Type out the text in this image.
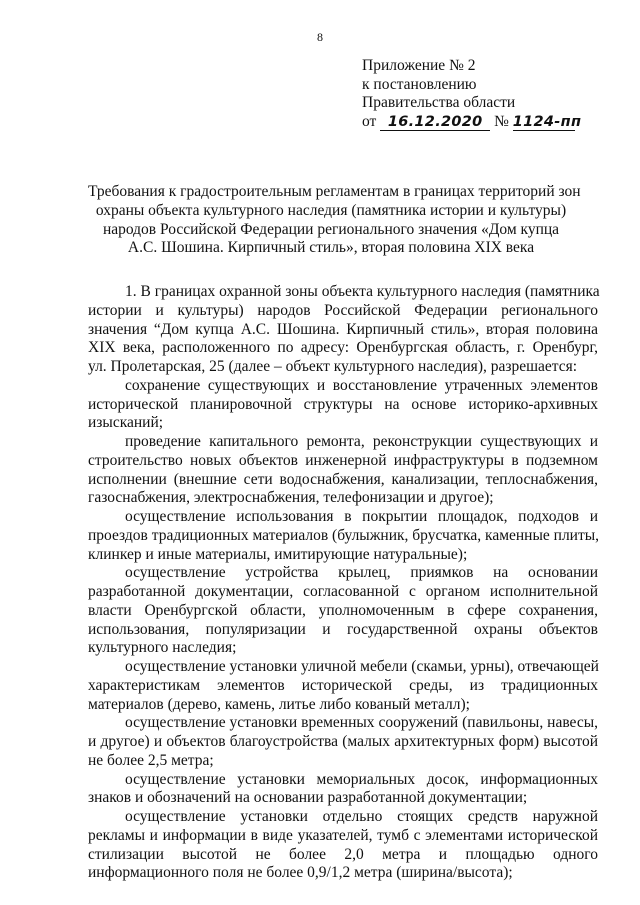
8
Приложение № 2
к постановлению
Правительства области
от 16.12.2020 № 1124-пп
Требования к градостроительным регламентам в границах территорий зон
охраны объекта культурного наследия (памятника истории и культуры)
народов Российской Федерации регионального значения «Дом купца
А.С. Шошина. Кирпичный стиль», вторая половина XIX века
1. В границах охранной зоны объекта культурного наследия (памятника
истории и культуры) народов Российской Федерации регионального
значения “Дом купца А.С. Шошина. Кирпичный стиль», вторая половина
XIX века, расположенного по адресу: Оренбургская область, г. Оренбург,
ул. Пролетарская, 25 (далее – объект культурного наследия), разрешается:
сохранение существующих и восстановление утраченных элементов
исторической планировочной структуры на основе историко-архивных
изысканий;
проведение капитального ремонта, реконструкции существующих и
строительство новых объектов инженерной инфраструктуры в подземном
исполнении (внешние сети водоснабжения, канализации, теплоснабжения,
газоснабжения, электроснабжения, телефонизации и другое);
осуществление использования в покрытии площадок, подходов и
проездов традиционных материалов (булыжник, брусчатка, каменные плиты,
клинкер и иные материалы, имитирующие натуральные);
осуществление устройства крылец, приямков на основании
разработанной документации, согласованной с органом исполнительной
власти Оренбургской области, уполномоченным в сфере сохранения,
использования, популяризации и государственной охраны объектов
культурного наследия;
осуществление установки уличной мебели (скамьи, урны), отвечающей
характеристикам элементов исторической среды, из традиционных
материалов (дерево, камень, литье либо кованый металл);
осуществление установки временных сооружений (павильоны, навесы,
и другое) и объектов благоустройства (малых архитектурных форм) высотой
не более 2,5 метра;
осуществление установки мемориальных досок, информационных
знаков и обозначений на основании разработанной документации;
осуществление установки отдельно стоящих средств наружной
рекламы и информации в виде указателей, тумб с элементами исторической
стилизации высотой не более 2,0 метра и площадью одного
информационного поля не более 0,9/1,2 метра (ширина/высота);
